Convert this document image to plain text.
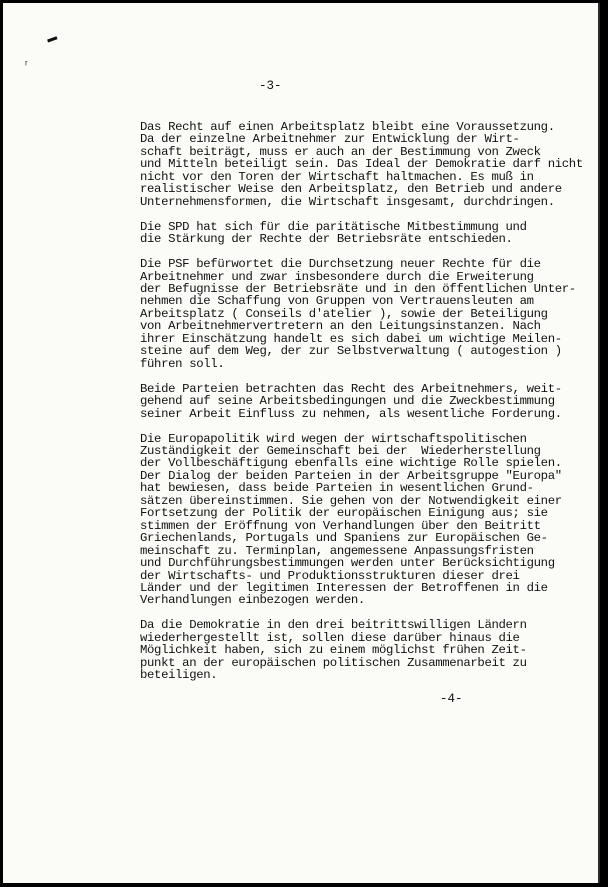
▬
ʳ
-3-
Das Recht auf einen Arbeitsplatz bleibt eine Voraussetzung.
Da der einzelne Arbeitnehmer zur Entwicklung der Wirt-
schaft beiträgt, muss er auch an der Bestimmung von Zweck
und Mitteln beteiligt sein. Das Ideal der Demokratie darf nicht
nicht vor den Toren der Wirtschaft haltmachen. Es muß in
realistischer Weise den Arbeitsplatz, den Betrieb und andere
Unternehmensformen, die Wirtschaft insgesamt, durchdringen.
Die SPD hat sich für die paritätische Mitbestimmung und
die Stärkung der Rechte der Betriebsräte entschieden.
Die PSF befürwortet die Durchsetzung neuer Rechte für die
Arbeitnehmer und zwar insbesondere durch die Erweiterung
der Befugnisse der Betriebsräte und in den öffentlichen Unter-
nehmen die Schaffung von Gruppen von Vertrauensleuten am
Arbeitsplatz ( Conseils d'atelier ), sowie der Beteiligung
von Arbeitnehmervertretern an den Leitungsinstanzen. Nach
ihrer Einschätzung handelt es sich dabei um wichtige Meilen-
steine auf dem Weg, der zur Selbstverwaltung ( autogestion )
führen soll.
Beide Parteien betrachten das Recht des Arbeitnehmers, weit-
gehend auf seine Arbeitsbedingungen und die Zweckbestimmung
seiner Arbeit Einfluss zu nehmen, als wesentliche Forderung.
Die Europapolitik wird wegen der wirtschaftspolitischen
Zuständigkeit der Gemeinschaft bei der  Wiederherstellung
der Vollbeschäftigung ebenfalls eine wichtige Rolle spielen.
Der Dialog der beiden Parteien in der Arbeitsgruppe "Europa"
hat bewiesen, dass beide Parteien in wesentlichen Grund-
sätzen übereinstimmen. Sie gehen von der Notwendigkeit einer
Fortsetzung der Politik der europäischen Einigung aus; sie
stimmen der Eröffnung von Verhandlungen über den Beitritt
Griechenlands, Portugals und Spaniens zur Europäischen Ge-
meinschaft zu. Terminplan, angemessene Anpassungsfristen
und Durchführungsbestimmungen werden unter Berücksichtigung
der Wirtschafts- und Produktionsstrukturen dieser drei
Länder und der legitimen Interessen der Betroffenen in die
Verhandlungen einbezogen werden.
Da die Demokratie in den drei beitrittswilligen Ländern
wiederhergestellt ist, sollen diese darüber hinaus die
Möglichkeit haben, sich zu einem möglichst frühen Zeit-
punkt an der europäischen politischen Zusammenarbeit zu
beteiligen.
-4-
